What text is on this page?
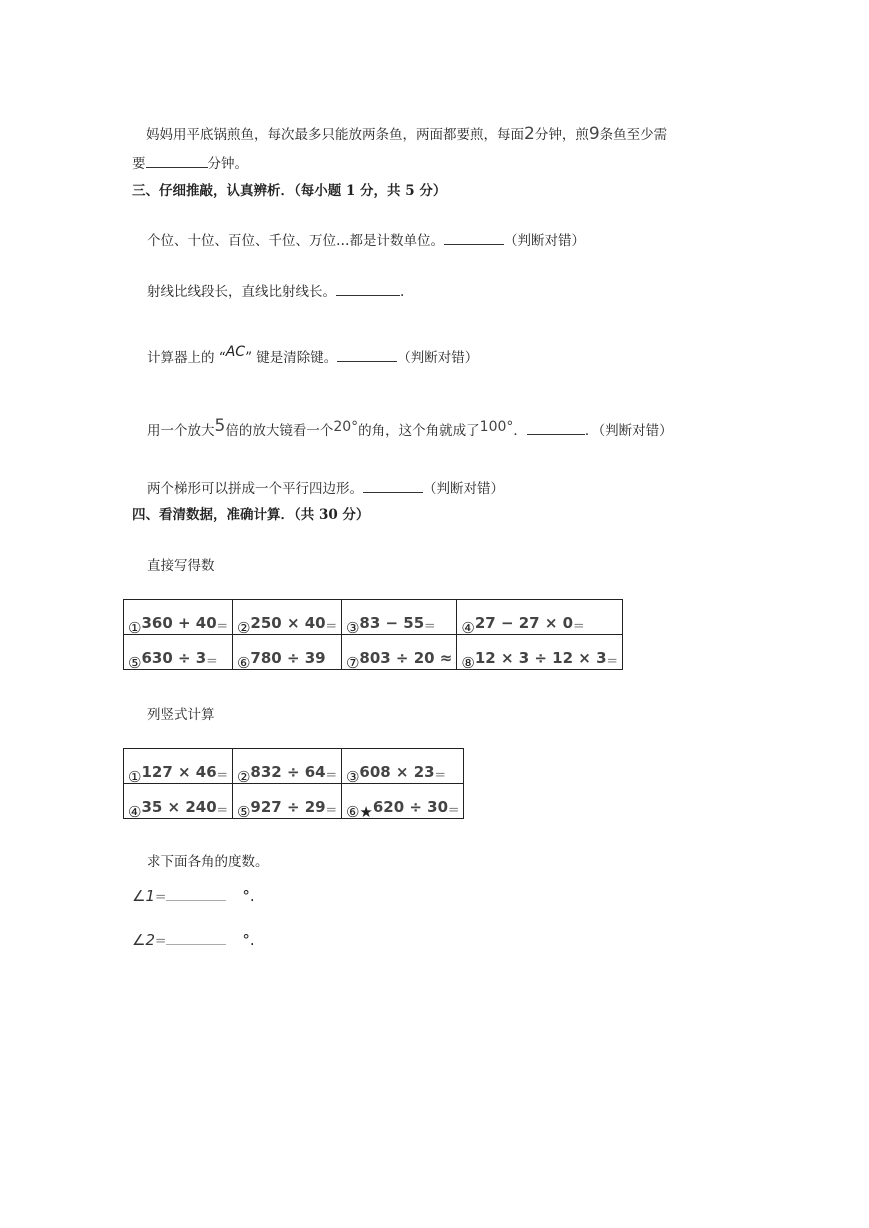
妈妈用平底锅煎鱼，每次最多只能放两条鱼，两面都要煎，每面2分钟，煎9条鱼至少需
要	分钟。
三、仔细推敲，认真辨析．（每小题 1 分，共 5 分）
个位、十位、百位、千位、万位…都是计数单位。	（判断对错）
射线比线段长，直线比射线长。	.
计算器上的 “AC” 键是清除键。	（判断对错）
用一个放大5倍的放大镜看一个20°的角，这个角就成了100°．	．（判断对错）
两个梯形可以拼成一个平行四边形。	（判断对错）
四、看清数据，准确计算．（共 30 分）
直接写得数
①360 + 40=	②250 × 40=	③83 − 55=	④27 − 27 × 0=
⑤630 ÷ 3=	⑥780 ÷ 39	⑦803 ÷ 20 ≈	⑧12 × 3 ÷ 12 × 3=
列竖式计算
①127 × 46=	②832 ÷ 64=	③608 × 23=
④35 × 240=	⑤927 ÷ 29=	⑥★620 ÷ 30=
求下面各角的度数。
∠1=	°.
∠2=	°.
